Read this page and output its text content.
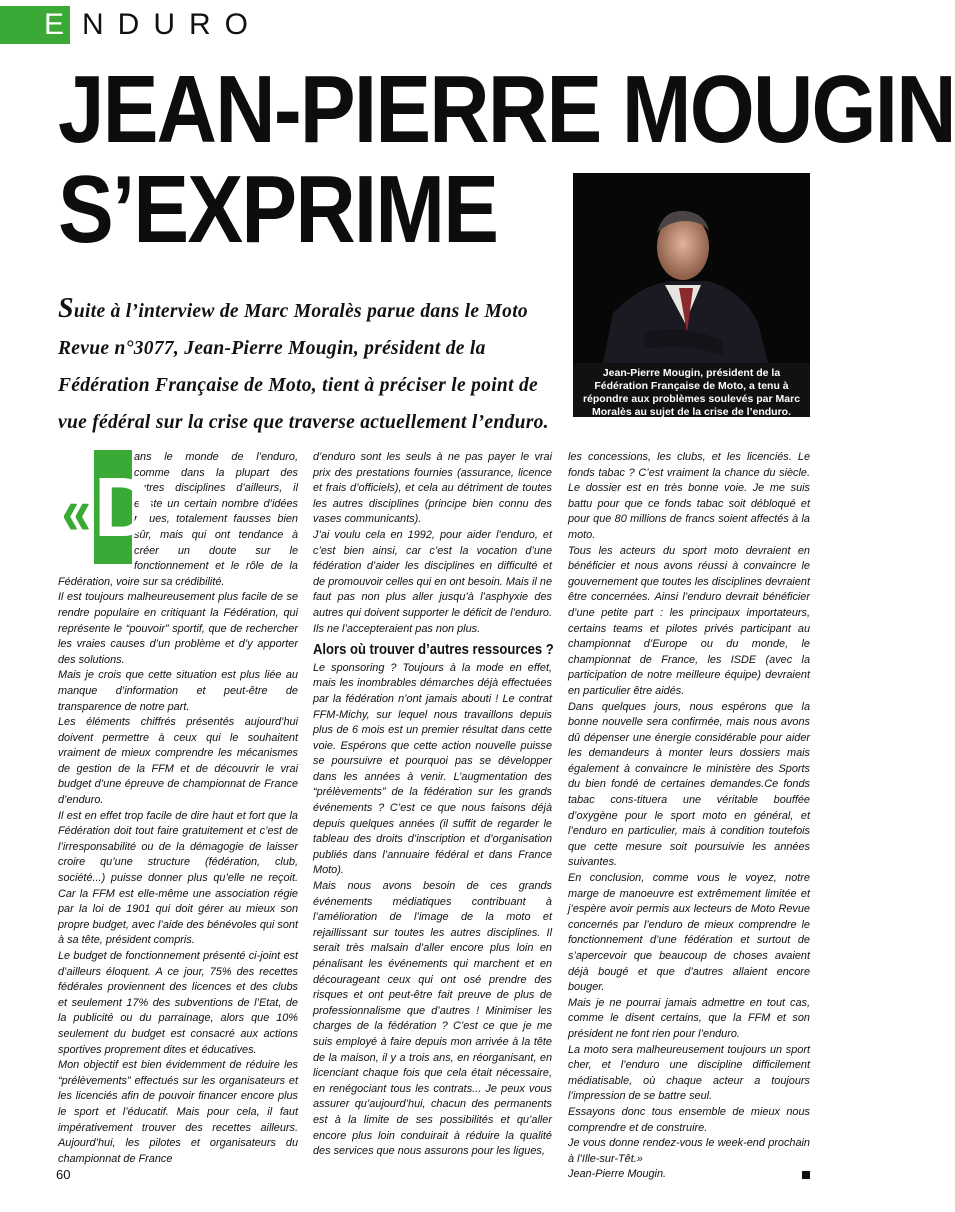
E NDURO
JEAN-PIERRE MOUGIN
S’EXPRIME
Jean-Pierre Mougin, président de la Fédération Française de Moto, a tenu à répondre aux problèmes soulevés par Marc Moralès au sujet de la crise de l’enduro.

Suite à l’interview de Marc Moralès parue dans le Moto Revue n°3077, Jean-Pierre Mougin, président de la Fédération Française de Moto, tient à préciser le point de vue fédéral sur la crise que traverse actuellement l’enduro.

« D

ans le monde de l’enduro, comme dans la plupart des autres disciplines d’ailleurs, il existe un certain nombre d’idées reçues, totalement fausses bien sûr, mais qui ont tendance à créer un doute sur le fonctionnement et le rôle de la Fédération, voire sur sa crédibilité.

Il est toujours malheureusement plus facile de se rendre populaire en critiquant la Fédération, qui représente le “pouvoir” sportif, que de rechercher les vraies causes d’un problème et d’y apporter des solutions.

Mais je crois que cette situation est plus liée au manque d’information et peut-être de transparence de notre part.

Les éléments chiffrés présentés aujourd’hui doivent permettre à ceux qui le souhaitent vraiment de mieux comprendre les mécanismes de gestion de la FFM et de découvrir le vrai budget d’une épreuve de championnat de France d’enduro.

Il est en effet trop facile de dire haut et fort que la Fédération doit tout faire gratuitement et c’est de l’irresponsabilité ou de la démagogie de laisser croire qu’une structure (fédération, club, société...) puisse donner plus qu’elle ne reçoit. Car la FFM est elle-même une association régie par la loi de 1901 qui doit gérer au mieux son propre budget, avec l’aide des bénévoles qui sont à sa tête, président compris.

Le budget de fonctionnement présenté ci-joint est d’ailleurs éloquent. A ce jour, 75% des recettes fédérales proviennent des licences et des clubs et seulement 17% des subventions de l’Etat, de la publicité ou du parrainage, alors que 10% seulement du budget est consacré aux actions sportives proprement dites et éducatives.

Mon objectif est bien évidemment de réduire les “prélèvements” effectués sur les organisateurs et les licenciés afin de pouvoir financer encore plus le sport et l’éducatif. Mais pour cela, il faut impérativement trouver des recettes ailleurs. Aujourd’hui, les pilotes et organisateurs du championnat de France

d’enduro sont les seuls à ne pas payer le vrai prix des prestations fournies (assurance, licence et frais d’officiels), et cela au détriment de toutes les autres disciplines (principe bien connu des vases communicants).

J’ai voulu cela en 1992, pour aider l’enduro, et c’est bien ainsi, car c’est la vocation d’une fédération d’aider les disciplines en difficulté et de promouvoir celles qui en ont besoin. Mais il ne faut pas non plus aller jusqu’à l’asphyxie des autres qui doivent supporter le déficit de l’enduro. Ils ne l’accepteraient pas non plus.

Alors où trouver d’autres ressources ?

Le sponsoring ? Toujours à la mode en effet, mais les inombrables démarches déjà effectuées par la fédération n’ont jamais abouti ! Le contrat FFM-Michy, sur lequel nous travaillons depuis plus de 6 mois est un premier résultat dans cette voie. Espérons que cette action nouvelle puisse se poursuivre et pourquoi pas se développer dans les années à venir. L’augmentation des “prélèvements” de la fédération sur les grands événements ? C’est ce que nous faisons déjà depuis quelques années (il suffit de regarder le tableau des droits d’inscription et d’organisation publiés dans l’annuaire fédéral et dans France Moto).

Mais nous avons besoin de ces grands événements médiatiques contribuant à l’amélioration de l’image de la moto et rejaillissant sur toutes les autres disciplines. Il serait très malsain d’aller encore plus loin en pénalisant les événements qui marchent et en décourageant ceux qui ont osé prendre des risques et ont peut-être fait preuve de plus de professionnalisme que d’autres ! Minimiser les charges de la fédération ? C’est ce que je me suis employé à faire depuis mon arrivée à la tête de la maison, il y a trois ans, en réorganisant, en licenciant chaque fois que cela était nécessaire, en renégociant tous les contrats... Je peux vous assurer qu’aujourd’hui, chacun des permanents est à la limite de ses possibilités et qu’aller encore plus loin conduirait à réduire la qualité des services que nous assurons pour les ligues,

les concessions, les clubs, et les licenciés. Le fonds tabac ? C’est vraiment la chance du siècle. Le dossier est en très bonne voie. Je me suis battu pour que ce fonds tabac soit débloqué et pour que 80 millions de francs soient affectés à la moto.

Tous les acteurs du sport moto devraient en bénéficier et nous avons réussi à convaincre le gouvernement que toutes les disciplines devraient être concernées. Ainsi l’enduro devrait bénéficier d’une petite part : les principaux importateurs, certains teams et pilotes privés participant au championnat d’Europe ou du monde, le championnat de France, les ISDE (avec la participation de notre meilleure équipe) devraient en particulier être aidés.

Dans quelques jours, nous espérons que la bonne nouvelle sera confirmée, mais nous avons dû dépenser une énergie considérable pour aider les demandeurs à monter leurs dossiers mais également à convaincre le ministère des Sports du bien fondé de certaines demandes.Ce fonds tabac cons-tituera une véritable bouffée d’oxygène pour le sport moto en général, et l’enduro en particulier, mais à condition toutefois que cette mesure soit poursuivie les années suivantes.

En conclusion, comme vous le voyez, notre marge de manoeuvre est extrêmement limitée et j’espère avoir permis aux lecteurs de Moto Revue concernés par l’enduro de mieux comprendre le fonctionnement d’une fédération et surtout de s’apercevoir que beaucoup de choses avaient déjà bougé et que d’autres allaient encore bouger.

Mais je ne pourrai jamais admettre en tout cas, comme le disent certains, que la FFM et son président ne font rien pour l’enduro.

La moto sera malheureusement toujours un sport cher, et l’enduro une discipline difficilement médiatisable, où chaque acteur a toujours l’impression de se battre seul.

Essayons donc tous ensemble de mieux nous comprendre et de construire.

Je vous donne rendez-vous le week-end prochain à l’Ille-sur-Têt.»

Jean-Pierre Mougin.

60
